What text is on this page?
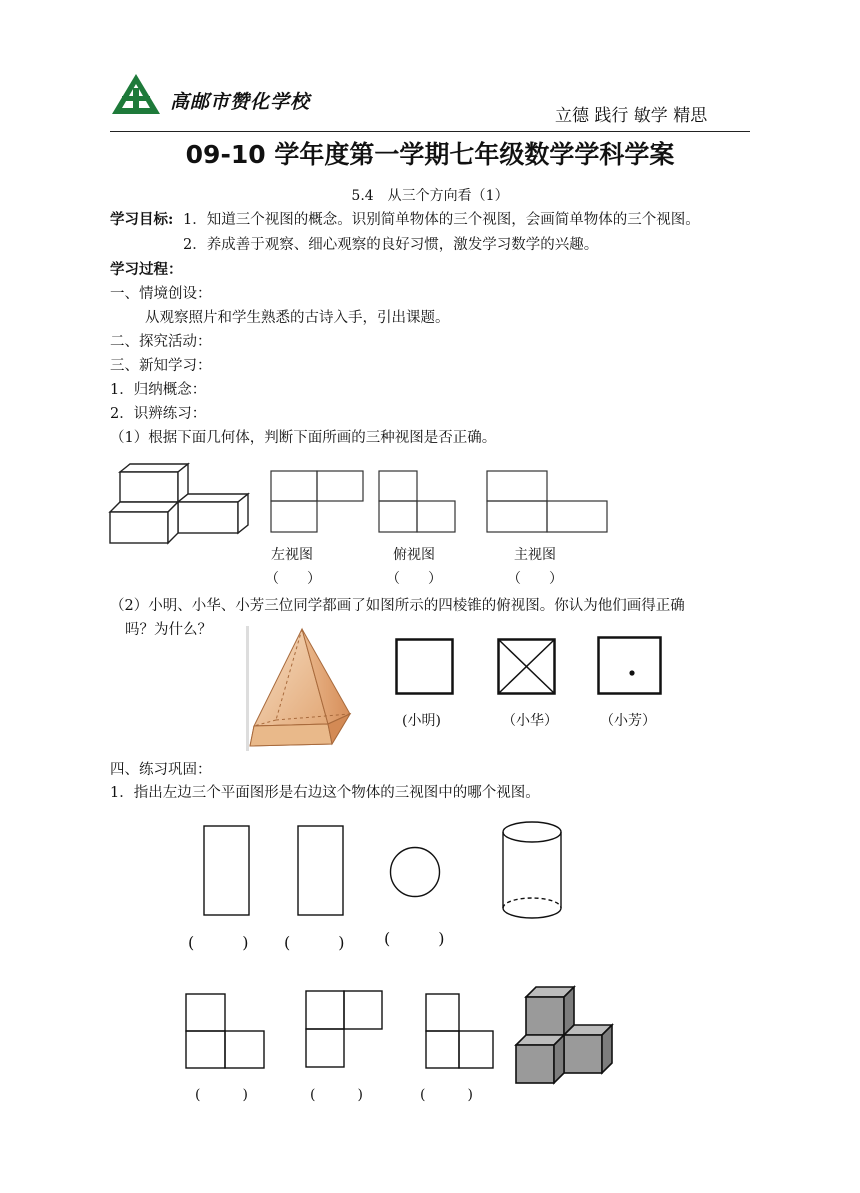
高邮市赞化学校
立德 践行 敏学 精思
09-10 学年度第一学期七年级数学学科学案
5.4　从三个方向看（1）
学习目标: 1．知道三个视图的概念。识别简单物体的三个视图，会画简单物体的三个视图。
2．养成善于观察、细心观察的良好习惯，激发学习数学的兴趣。
学习过程：
一、情境创设：
从观察照片和学生熟悉的古诗入手，引出课题。
二、探究活动：
三、新知学习：
1．归纳概念：
2．识辨练习：
（1）根据下面几何体，判断下面所画的三种视图是否正确。
左视图	俯视图	主视图
（　　）	（　　）	（　　）
（2）小明、小华、小芳三位同学都画了如图所示的四棱锥的俯视图。你认为他们画得正确
吗？为什么？
(小明)	（小华）	（小芳）
四、练习巩固：
1．指出左边三个平面图形是右边这个物体的三视图中的哪个视图。
(　　　) (　　　) (　　　)
(　　　)	(　　　)	(　　　)
